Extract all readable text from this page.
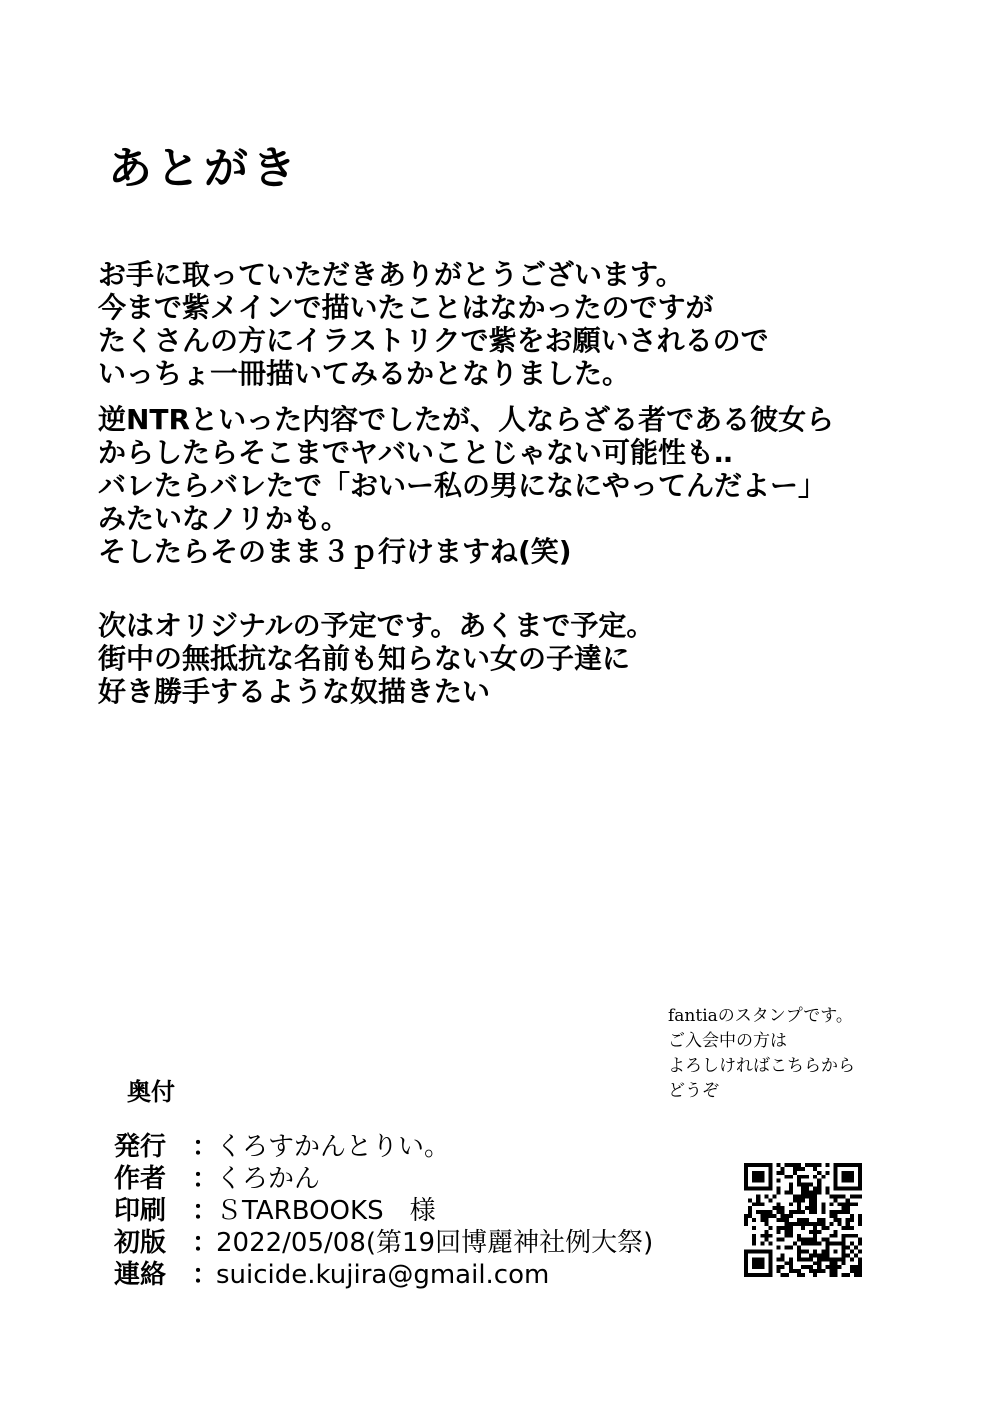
あとがき

お手に取っていただきありがとうございます。
今まで紫メインで描いたことはなかったのですが
たくさんの方にイラストリクで紫をお願いされるので
いっちょ一冊描いてみるかとなりました。

逆NTRといった内容でしたが、人ならざる者である彼女ら
からしたらそこまでヤバいことじゃない可能性も‥
バレたらバレたで「おいー私の男になにやってんだよー」
みたいなノリかも。
そしたらそのまま３ｐ行けますね(笑)

次はオリジナルの予定です。あくまで予定。
街中の無抵抗な名前も知らない女の子達に
好き勝手するような奴描きたい

fantiaのスタンプです。
ご入会中の方は
よろしければこちらから
どうぞ

奥付
発行 ：
くろすかんとりい。
作者 ：
くろかん
印刷 ：
ＳTARBOOKS　様
初版 ：
2022/05/08(第19回博麗神社例大祭)
連絡 ：
suicide.kujira@gmail.com
